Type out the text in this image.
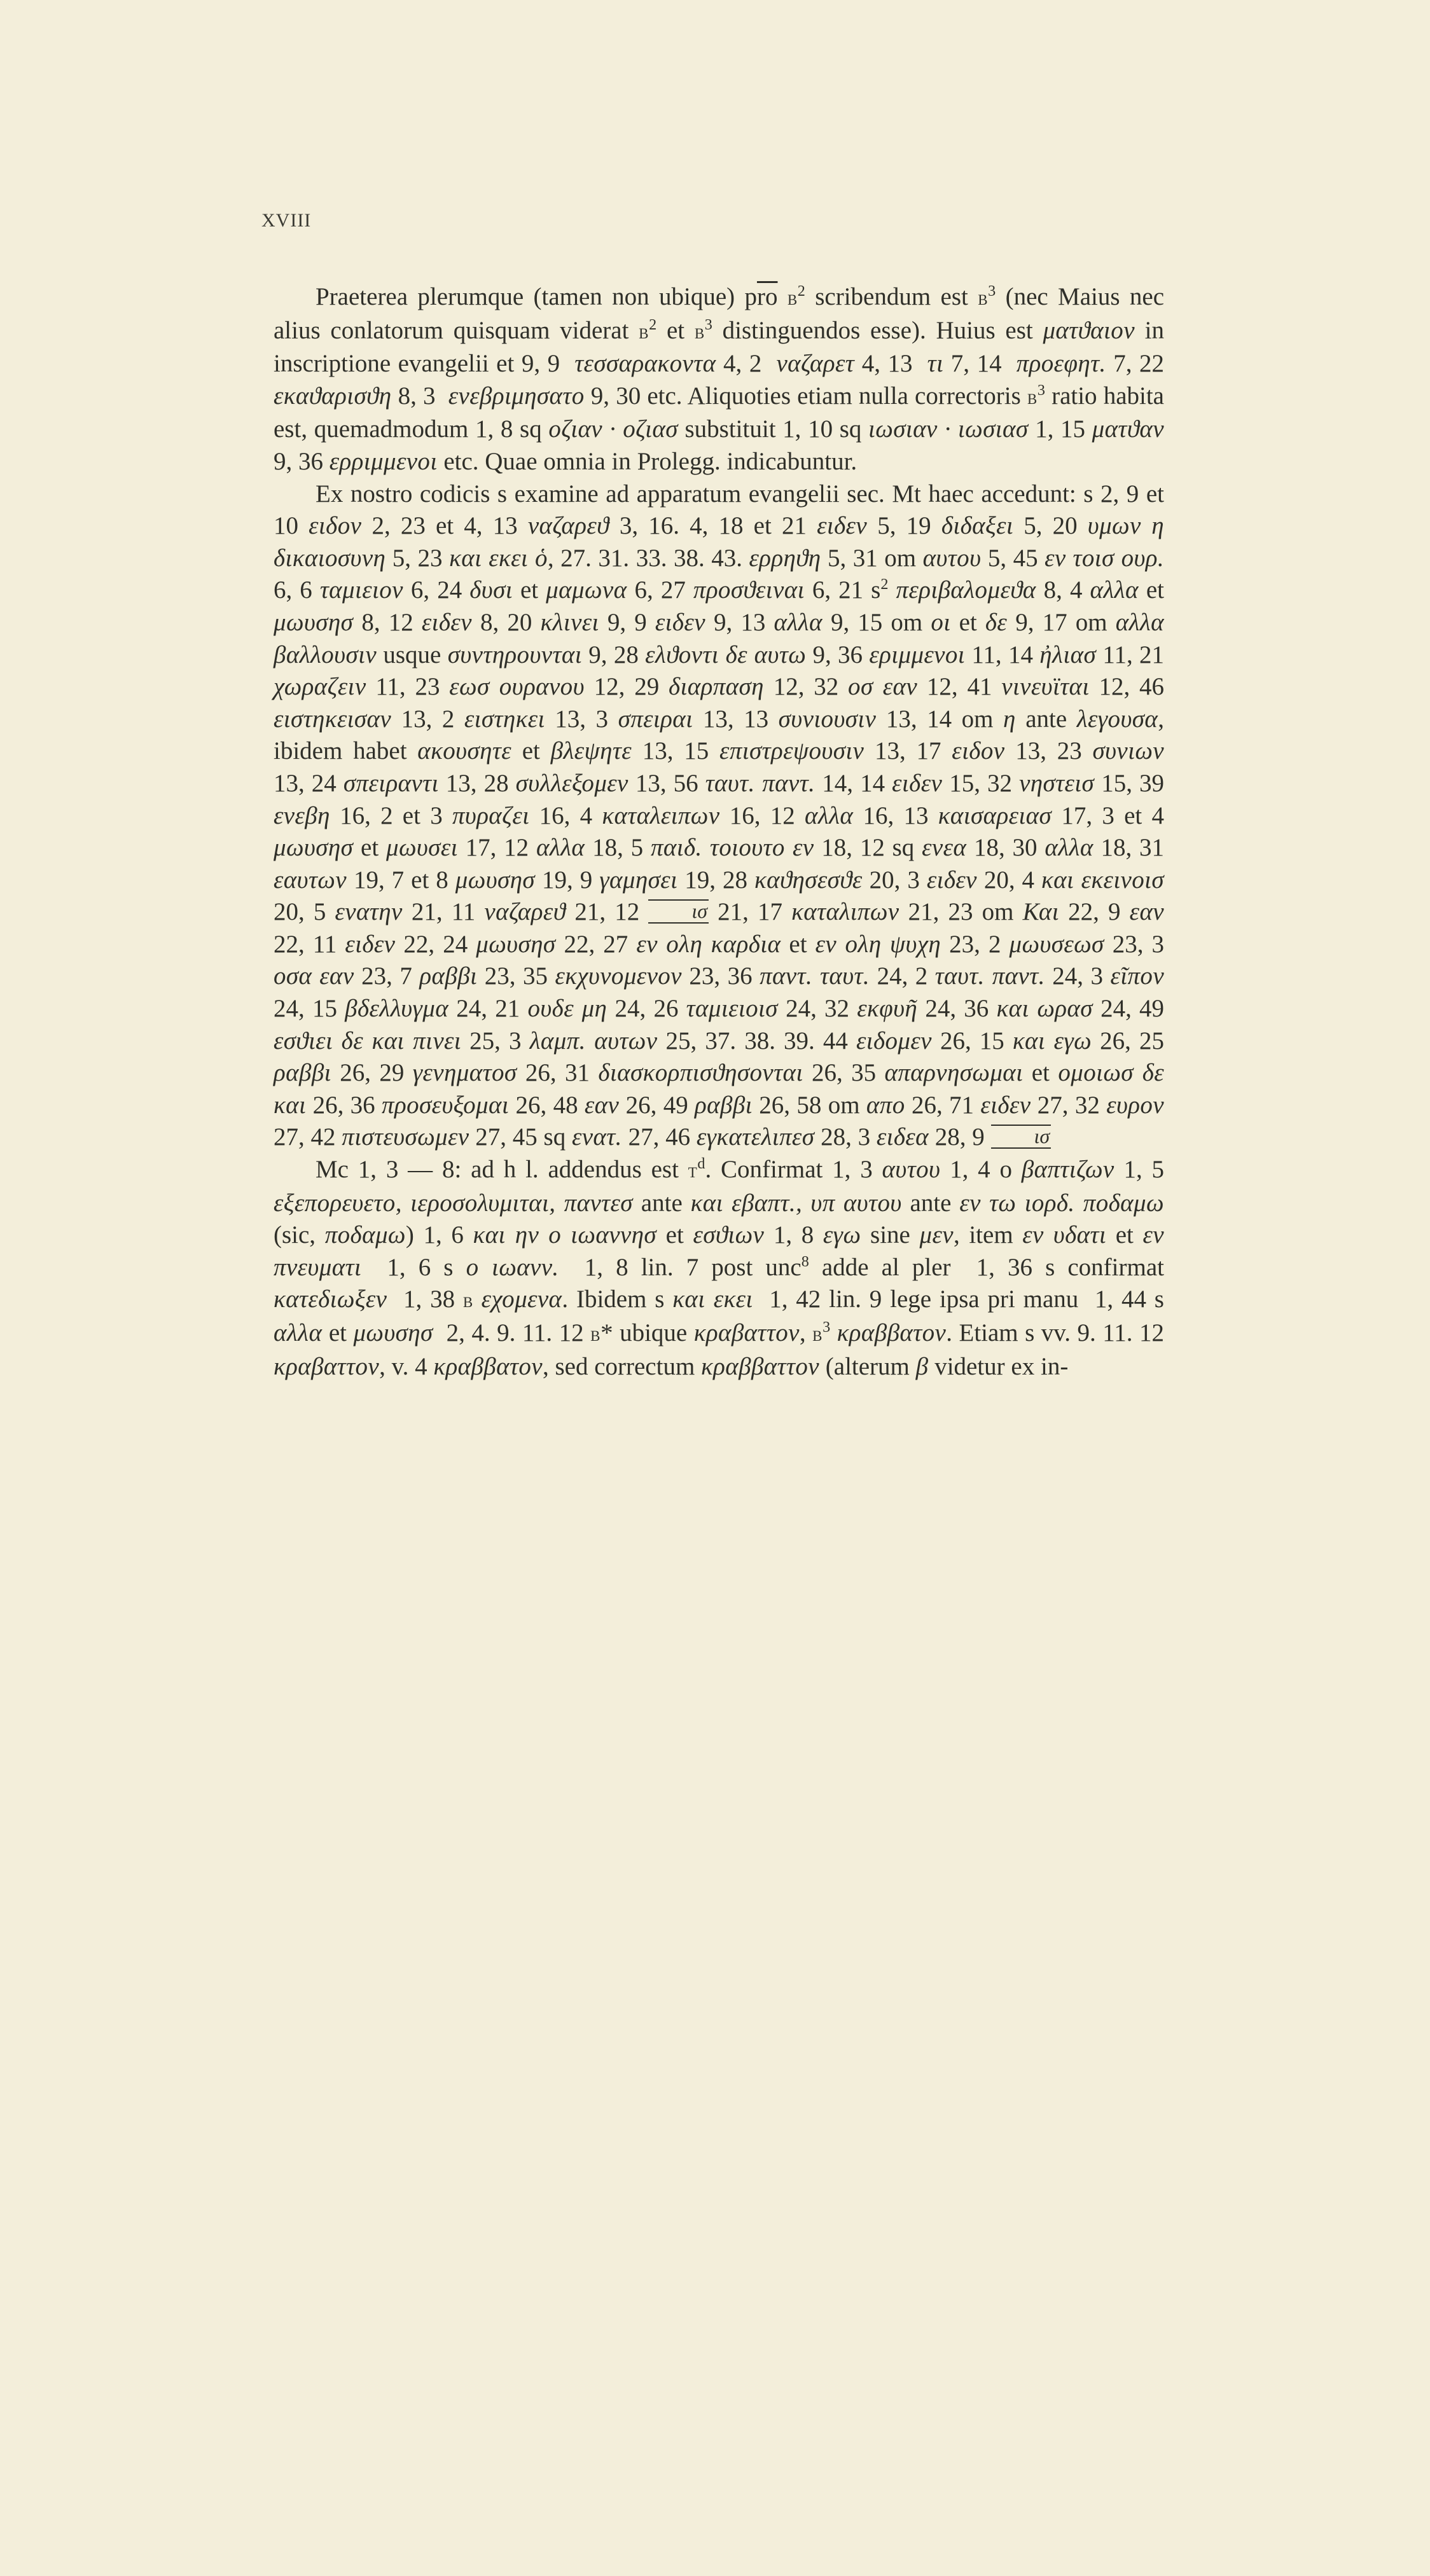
XVIII

Praeterea plerumque (tamen non ubique) $p\overline{ro}$ $b^2$ scribendum est $b^3$ (nec Maius nec alius conlatorum quisquam viderat $b^2$ et $b^3$ distinguendos esse). Huius est ματϑαιον in inscriptione evangelii et 9, 9  τεσσαρακοντα 4, 2  ναζαρετ 4, 13  τι 7, 14  προεφητ. 7, 22 εκαϑαρισϑη 8, 3  ενεβριμησατο 9, 30 etc. Aliquoties etiam nulla correctoris $b^3$ ratio habita est, quemadmodum 1, 8 sq οζιαν · οζιασ substituit 1, 10 sq ιωσιαν · ιωσιασ 1, 15 ματϑαν 9, 36 ερριμμενοι etc. Quae omnia in Prolegg. indicabuntur.

Ex nostro codicis s examine ad apparatum evangelii sec. Mt haec accedunt: s 2, 9 et 10 ειδον 2, 23 et 4, 13 ναζαρεϑ 3, 16. 4, 18 et 21 ειδεν 5, 19 διδαξει 5, 20 υμων η δικαιοσυνη 5, 23 και εκει ὁ, 27. 31. 33. 38. 43. ερρηϑη 5, 31 om αυτου 5, 45 εν τοισ ουρ. 6, 6 ταμιειον 6, 24 δυσι et μαμωνα 6, 27 προσϑειναι 6, 21 $s^2$ περιβαλομεϑα 8, 4 αλλα et μωυσησ 8, 12 ειδεν 8, 20 κλινει 9, 9 ειδεν 9, 13 αλλα 9, 15 om οι et δε 9, 17 om αλλα βαλλουσιν usque συντηρουνται 9, 28 ελϑοντι δε αυτω 9, 36 εριμμενοι 11, 14 ἠλιασ 11, 21 χωραζειν 11, 23 εωσ ουρανου 12, 29 διαρπαση 12, 32 οσ εαν 12, 41 νινευϊται 12, 46 ειστηκεισαν 13, 2 ειστηκει 13, 3 σπειραι 13, 13 συνιουσιν 13, 14 om η ante λεγουσα, ibidem habet ακουσητε et βλεψητε 13, 15 επιστρεψουσιν 13, 17 ειδον 13, 23 συνιων 13, 24 σπειραντι 13, 28 συλλεξομεν 13, 56 ταυτ. παντ. 14, 14 ειδεν 15, 32 νηστεισ 15, 39 ενεβη 16, 2 et 3 πυραζει 16, 4 καταλειπων 16, 12 αλλα 16, 13 καισαρειασ 17, 3 et 4 μωυσησ et μωυσει 17, 12 αλλα 18, 5 παιδ. τοιουτο εν 18, 12 sq ενεα 18, 30 αλλα 18, 31 εαυτων 19, 7 et 8 μωυσησ 19, 9 γαμησει 19, 28 καϑησεσϑε 20, 3 ειδεν 20, 4 και εκεινοισ 20, 5 ενατην 21, 11 ναζαρεϑ 21, 12 ισ 21, 17 καταλιπων 21, 23 om Και 22, 9 εαν 22, 11 ειδεν 22, 24 μωυσησ 22, 27 εν ολη καρδια et εν ολη ψυχη 23, 2 μωυσεωσ 23, 3 οσα εαν 23, 7 ραββι 23, 35 εκχυνομενον 23, 36 παντ. ταυτ. 24, 2 ταυτ. παντ. 24, 3 εῖπον 24, 15 βδελλυγμα 24, 21 ουδε μη 24, 26 ταμιειοισ 24, 32 εκφυῆ 24, 36 και ωρασ 24, 49 εσϑιει δε και πινει 25, 3 λαμπ. αυτων 25, 37. 38. 39. 44 ειδομεν 26, 15 και εγω 26, 25 ραββι 26, 29 γενηματοσ 26, 31 διασκορπισϑησονται 26, 35 απαρνησωμαι et ομοιωσ δε και 26, 36 προσευξομαι 26, 48 εαν 26, 49 ραββι 26, 58 om απο 26, 71 ειδεν 27, 32 ευρον 27, 42 πιστευσωμεν 27, 45 sq ενατ. 27, 46 εγκατελιπεσ 28, 3 ειδεα 28, 9 ισ

Mc 1, 3 — 8: ad h l. addendus est $t^d$. Confirmat 1, 3 αυτου 1, 4 ο βαπτιζων 1, 5 εξεπορευετο, ιεροσολυμιται, παντεσ ante και εβαπτ., υπ αυτου ante εν τω ιορδ. ποδαμω (sic, ποδαμω) 1, 6 και ην ο ιωαννησ et εσϑιων 1, 8 εγω sine μεν, item εν υδατι et εν πνευματι  1, 6 s ο ιωανν.  1, 8 lin. 7 post unc$^8$ adde al pler  1, 36 s confirmat κατεδιωξεν  1, 38 b εχομενα. Ibidem s και εκει  1, 42 lin. 9 lege ipsa pri manu  1, 44 s αλλα et μωυσησ  2, 4. 9. 11. 12 b* ubique κραβαττον, $b^3$ κραββατον. Etiam s vv. 9. 11. 12 κραβαττον, v. 4 κραββατον, sed correctum κραββαττον (alterum β videtur ex in-
